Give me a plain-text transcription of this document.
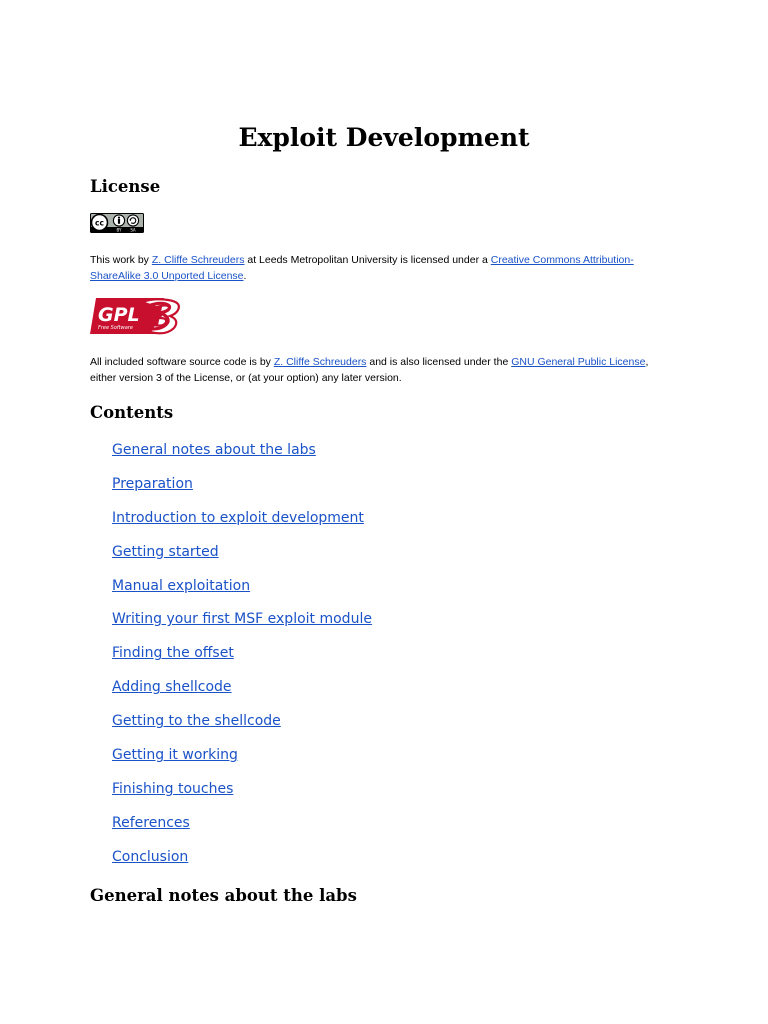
Exploit Development
License
cc
BY SA

This work by Z. Cliffe Schreuders at Leeds Metropolitan University is licensed under a Creative Commons Attribution-ShareAlike 3.0 Unported License.

GPL
Free Software

All included software source code is by Z. Cliffe Schreuders and is also licensed under the GNU General Public License, either version 3 of the License, or (at your option) any later version.

Contents
General notes about the labs
Preparation
Introduction to exploit development
Getting started
Manual exploitation
Writing your first MSF exploit module
Finding the offset
Adding shellcode
Getting to the shellcode
Getting it working
Finishing touches
References
Conclusion
General notes about the labs
